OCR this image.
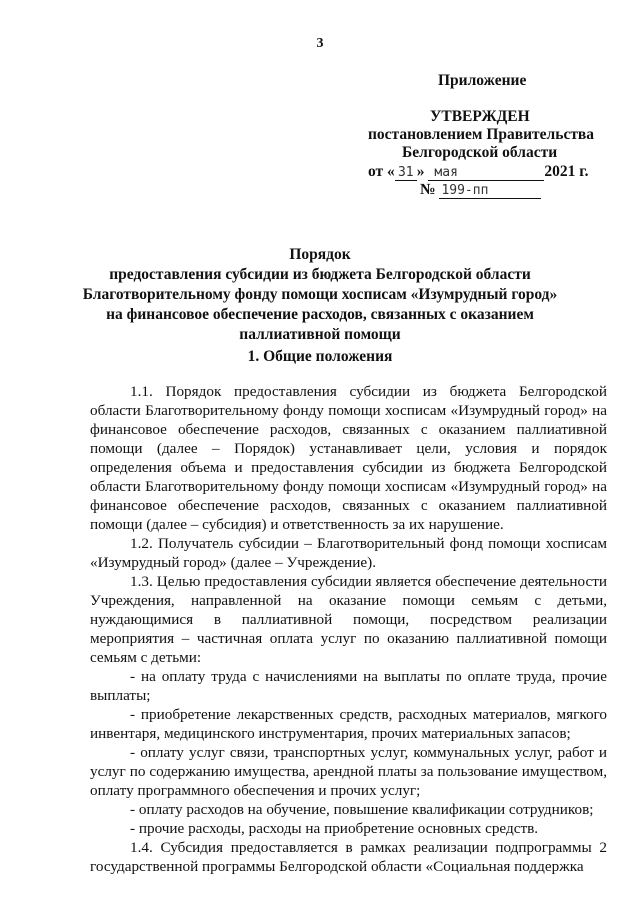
3
Приложение
УТВЕРЖДЕН
постановлением Правительства
Белгородской области
от « 31 » мая	2021 г.
№ 199-пп
Порядок
предоставления субсидии из бюджета Белгородской области
Благотворительному фонду помощи хосписам «Изумрудный город»
на финансовое обеспечение расходов, связанных с оказанием
паллиативной помощи
1. Общие положения

1.1. Порядок предоставления субсидии из бюджета Белгородской области Благотворительному фонду помощи хосписам «Изумрудный город» на финансовое обеспечение расходов, связанных с оказанием паллиативной помощи (далее – Порядок) устанавливает цели, условия и порядок определения объема и предоставления субсидии из бюджета Белгородской области Благотворительному фонду помощи хосписам «Изумрудный город» на финансовое обеспечение расходов, связанных с оказанием паллиативной помощи (далее – субсидия) и ответственность за их нарушение.

1.2. Получатель субсидии – Благотворительный фонд помощи хосписам «Изумрудный город» (далее – Учреждение).

1.3. Целью предоставления субсидии является обеспечение деятельности Учреждения, направленной на оказание помощи семьям с детьми, нуждающимися в паллиативной помощи, посредством реализации мероприятия – частичная оплата услуг по оказанию паллиативной помощи семьям с детьми:

- на оплату труда с начислениями на выплаты по оплате труда, прочие выплаты;

- приобретение лекарственных средств, расходных материалов, мягкого инвентаря, медицинского инструментария, прочих материальных запасов;

- оплату услуг связи, транспортных услуг, коммунальных услуг, работ и услуг по содержанию имущества, арендной платы за пользование имуществом, оплату программного обеспечения и прочих услуг;

- оплату расходов на обучение, повышение квалификации сотрудников;

- прочие расходы, расходы на приобретение основных средств.

1.4. Субсидия предоставляется в рамках реализации подпрограммы 2 государственной программы Белгородской области «Социальная поддержка
